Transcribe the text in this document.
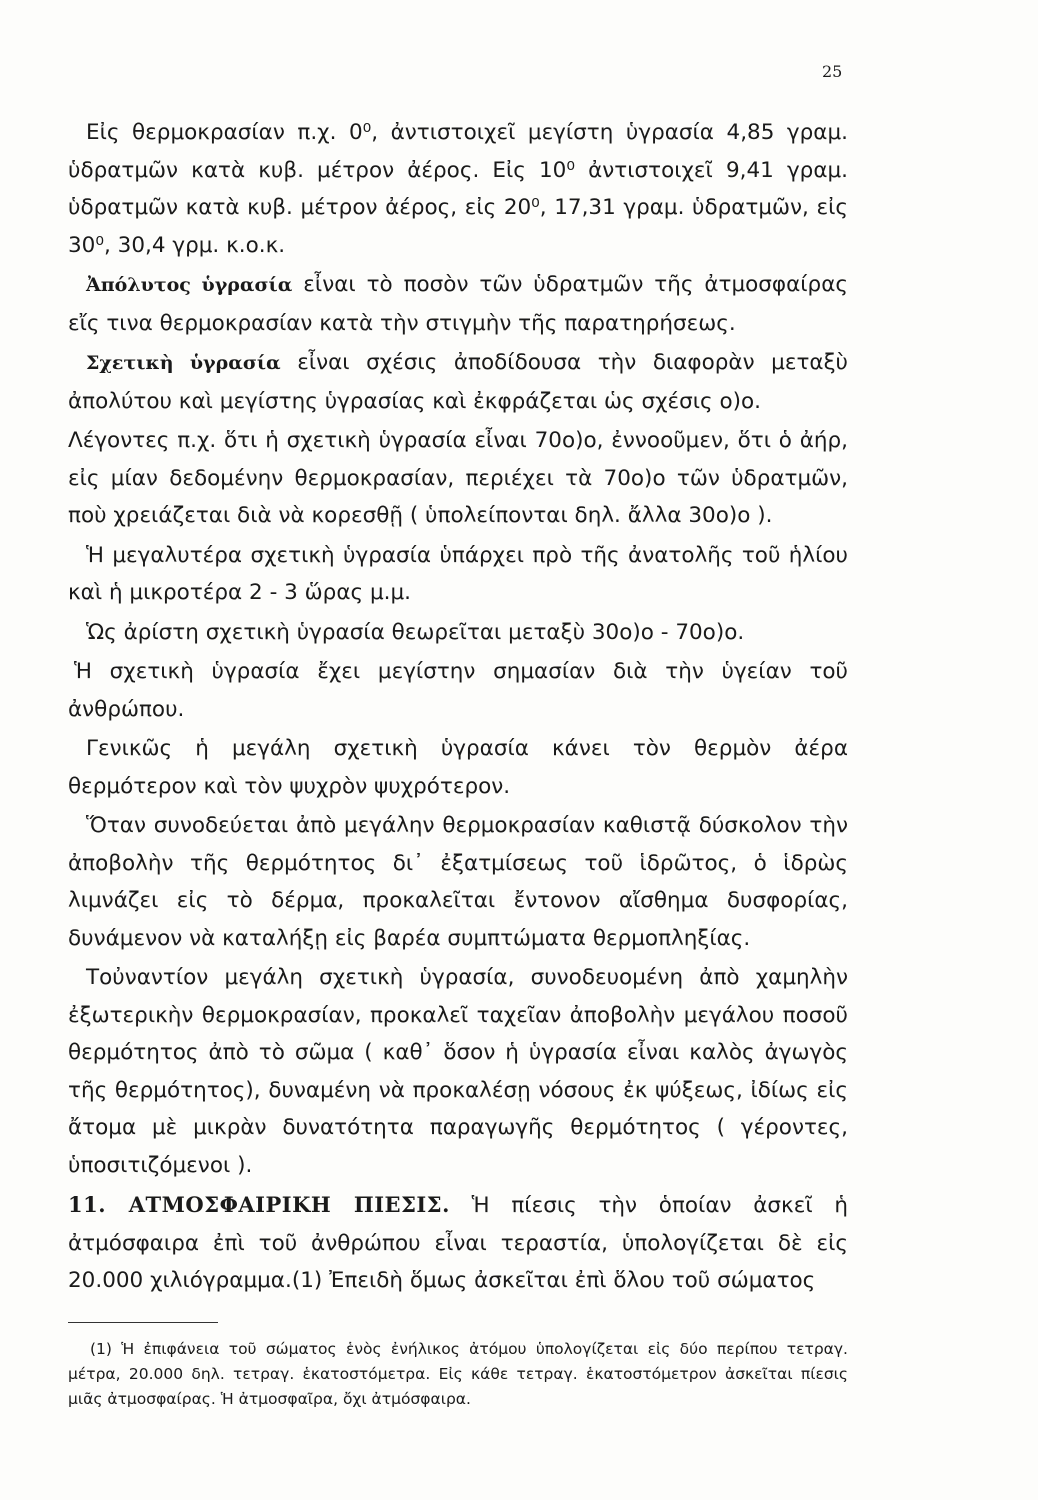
25

Εἰς θερμοκρασίαν π.χ. 0⁰, ἀντιστοιχεῖ μεγίστη ὑγρασία 4,85 γραμ. ὑδρατμῶν κατὰ κυβ. μέτρον ἀέρος. Εἰς 10⁰ ἀντιστοιχεῖ 9,41 γραμ. ὑδρατμῶν κατὰ κυβ. μέτρον ἀέρος, εἰς 20⁰, 17,31 γραμ. ὑδρατμῶν, εἰς 30⁰, 30,4 γρμ. κ.ο.κ.

Ἀπόλυτος ὑγρασία εἶναι τὸ ποσὸν τῶν ὑδρατμῶν τῆς ἀτμοσφαίρας εἴς τινα θερμοκρασίαν κατὰ τὴν στιγμὴν τῆς παρατηρήσεως.

Σχετικὴ ὑγρασία εἶναι σχέσις ἀποδίδουσα τὴν διαφορὰν μεταξὺ ἀπολύτου καὶ μεγίστης ὑγρασίας καὶ ἐκφράζεται ὡς σχέσις ο)ο.

Λέγοντες π.χ. ὅτι ἡ σχετικὴ ὑγρασία εἶναι 70ο)ο, ἐννοοῦμεν, ὅτι ὁ ἀήρ, εἰς μίαν δεδομένην θερμοκρασίαν, περιέχει τὰ 70ο)ο τῶν ὑδρατμῶν, ποὺ χρειάζεται διὰ νὰ κορεσθῇ ( ὑπολείπονται δηλ. ἄλλα 30ο)ο ).

Ἡ μεγαλυτέρα σχετικὴ ὑγρασία ὑπάρχει πρὸ τῆς ἀνατολῆς τοῦ ἡλίου καὶ ἡ μικροτέρα 2 - 3 ὥρας μ.μ.

Ὡς ἀρίστη σχετικὴ ὑγρασία θεωρεῖται μεταξὺ 30ο)ο - 70ο)ο.

Ἡ σχετικὴ ὑγρασία ἔχει μεγίστην σημασίαν διὰ τὴν ὑγείαν τοῦ ἀνθρώπου.

Γενικῶς ἡ μεγάλη σχετικὴ ὑγρασία κάνει τὸν θερμὸν ἀέρα θερμότερον καὶ τὸν ψυχρὸν ψυχρότερον.

Ὅταν συνοδεύεται ἀπὸ μεγάλην θερμοκρασίαν καθιστᾷ δύσκολον τὴν ἀποβολὴν τῆς θερμότητος δι᾽ ἐξατμίσεως τοῦ ἱδρῶτος, ὁ ἱδρὼς λιμνάζει εἰς τὸ δέρμα, προκαλεῖται ἔντονον αἴσθημα δυσφορίας, δυνάμενον νὰ καταλήξῃ εἰς βαρέα συμπτώματα θερμοπληξίας.

Τοὐναντίον μεγάλη σχετικὴ ὑγρασία, συνοδευομένη ἀπὸ χαμηλὴν ἐξωτερικὴν θερμοκρασίαν, προκαλεῖ ταχεῖαν ἀποβολὴν μεγάλου ποσοῦ θερμότητος ἀπὸ τὸ σῶμα ( καθ᾽ ὅσον ἡ ὑγρασία εἶναι καλὸς ἀγωγὸς τῆς θερμότητος), δυναμένη νὰ προκαλέσῃ νόσους ἐκ ψύξεως, ἰδίως εἰς ἄτομα μὲ μικρὰν δυνατότητα παραγωγῆς θερμότητος ( γέροντες, ὑποσιτιζόμενοι ).

11. ΑΤΜΟΣΦΑΙΡΙΚΗ ΠΙΕΣΙΣ. Ἡ πίεσις τὴν ὁποίαν ἀσκεῖ ἡ ἀτμόσφαιρα ἐπὶ τοῦ ἀνθρώπου εἶναι τεραστία, ὑπολογίζεται δὲ εἰς 20.000 χιλιόγραμμα.(1) Ἐπειδὴ ὅμως ἀσκεῖται ἐπὶ ὅλου τοῦ σώματος

(1) Ἡ ἐπιφάνεια τοῦ σώματος ἑνὸς ἐνήλικος ἀτόμου ὑπολογίζεται εἰς δύο περίπου τετραγ. μέτρα, 20.000 δηλ. τετραγ. ἑκατοστόμετρα. Εἰς κάθε τετραγ. ἑκατοστόμετρον ἀσκεῖται πίεσις μιᾶς ἀτμοσφαίρας. Ἡ ἀτμοσφαῖρα, ὄχι ἀτμόσφαιρα.
